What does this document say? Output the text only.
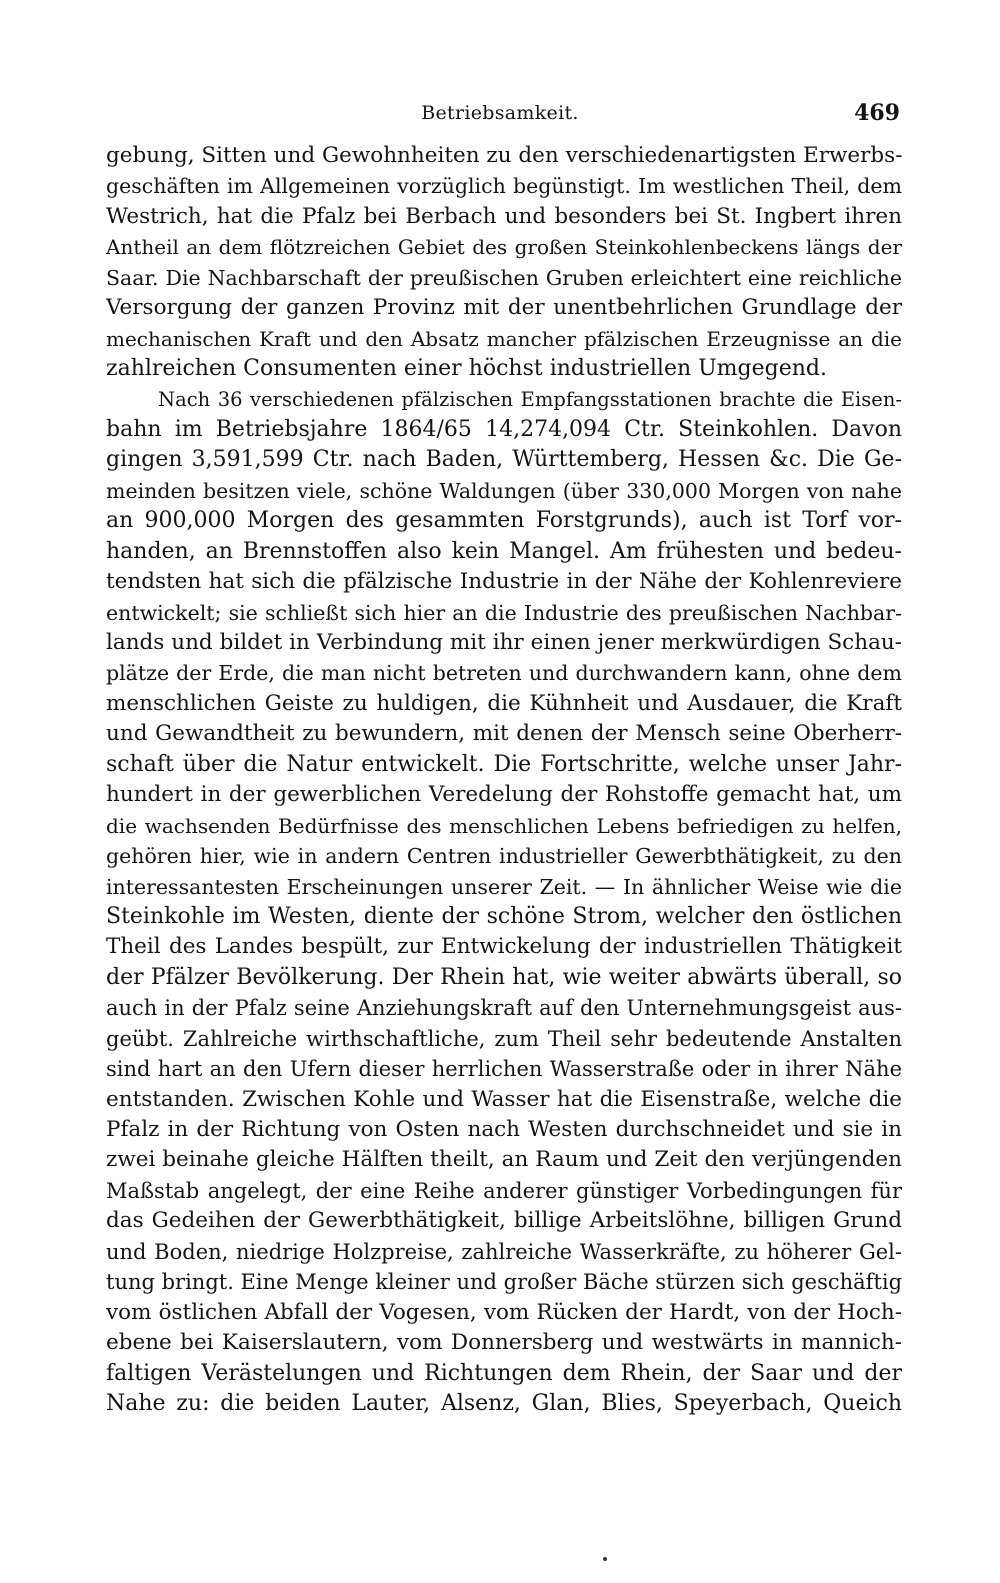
Betriebsamkeit.	469
gebung, Sitten und Gewohnheiten zu den verschiedenartigsten Erwerbs-
geschäften im Allgemeinen vorzüglich begünstigt. Im westlichen Theil, dem
Westrich, hat die Pfalz bei Berbach und besonders bei St. Ingbert ihren
Antheil an dem flötzreichen Gebiet des großen Steinkohlenbeckens längs der
Saar. Die Nachbarschaft der preußischen Gruben erleichtert eine reichliche
Versorgung der ganzen Provinz mit der unentbehrlichen Grundlage der
mechanischen Kraft und den Absatz mancher pfälzischen Erzeugnisse an die
zahlreichen Consumenten einer höchst industriellen Umgegend.
Nach 36 verschiedenen pfälzischen Empfangsstationen brachte die Eisen-
bahn im Betriebsjahre 1864/65 14,274,094 Ctr. Steinkohlen. Davon
gingen 3,591,599 Ctr. nach Baden, Württemberg, Hessen &c. Die Ge-
meinden besitzen viele, schöne Waldungen (über 330,000 Morgen von nahe
an 900,000 Morgen des gesammten Forstgrunds), auch ist Torf vor-
handen, an Brennstoffen also kein Mangel. Am frühesten und bedeu-
tendsten hat sich die pfälzische Industrie in der Nähe der Kohlenreviere
entwickelt; sie schließt sich hier an die Industrie des preußischen Nachbar-
lands und bildet in Verbindung mit ihr einen jener merkwürdigen Schau-
plätze der Erde, die man nicht betreten und durchwandern kann, ohne dem
menschlichen Geiste zu huldigen, die Kühnheit und Ausdauer, die Kraft
und Gewandtheit zu bewundern, mit denen der Mensch seine Oberherr-
schaft über die Natur entwickelt. Die Fortschritte, welche unser Jahr-
hundert in der gewerblichen Veredelung der Rohstoffe gemacht hat, um
die wachsenden Bedürfnisse des menschlichen Lebens befriedigen zu helfen,
gehören hier, wie in andern Centren industrieller Gewerbthätigkeit, zu den
interessantesten Erscheinungen unserer Zeit. — In ähnlicher Weise wie die
Steinkohle im Westen, diente der schöne Strom, welcher den östlichen
Theil des Landes bespült, zur Entwickelung der industriellen Thätigkeit
der Pfälzer Bevölkerung. Der Rhein hat, wie weiter abwärts überall, so
auch in der Pfalz seine Anziehungskraft auf den Unternehmungsgeist aus-
geübt. Zahlreiche wirthschaftliche, zum Theil sehr bedeutende Anstalten
sind hart an den Ufern dieser herrlichen Wasserstraße oder in ihrer Nähe
entstanden. Zwischen Kohle und Wasser hat die Eisenstraße, welche die
Pfalz in der Richtung von Osten nach Westen durchschneidet und sie in
zwei beinahe gleiche Hälften theilt, an Raum und Zeit den verjüngenden
Maßstab angelegt, der eine Reihe anderer günstiger Vorbedingungen für
das Gedeihen der Gewerbthätigkeit, billige Arbeitslöhne, billigen Grund
und Boden, niedrige Holzpreise, zahlreiche Wasserkräfte, zu höherer Gel-
tung bringt. Eine Menge kleiner und großer Bäche stürzen sich geschäftig
vom östlichen Abfall der Vogesen, vom Rücken der Hardt, von der Hoch-
ebene bei Kaiserslautern, vom Donnersberg und westwärts in mannich-
faltigen Verästelungen und Richtungen dem Rhein, der Saar und der
Nahe zu: die beiden Lauter, Alsenz, Glan, Blies, Speyerbach, Queich
